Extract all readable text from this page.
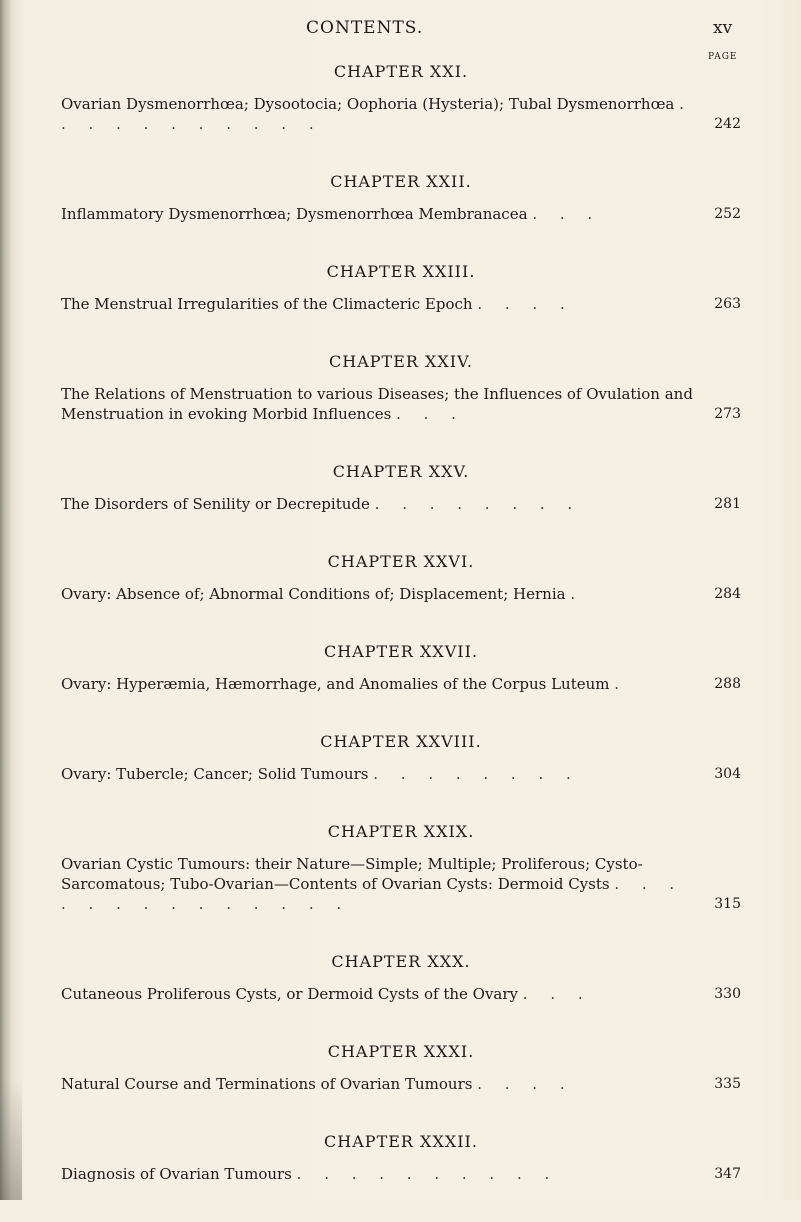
CONTENTS.	xv
PAGE
CHAPTER XXI.
Ovarian Dysmenorrhœa; Dysootocia; Oophoria (Hysteria); Tubal Dysmenorrhœa . . . . . . . . . . .	242
CHAPTER XXII.
Inflammatory Dysmenorrhœa; Dysmenorrhœa Membranacea . . .	252
CHAPTER XXIII.
The Menstrual Irregularities of the Climacteric Epoch . . . .	263
CHAPTER XXIV.
The Relations of Menstruation to various Diseases; the Influences of Ovulation and Menstruation in evoking Morbid Influences . . .	273
CHAPTER XXV.
The Disorders of Senility or Decrepitude . . . . . . . .	281
CHAPTER XXVI.
Ovary: Absence of; Abnormal Conditions of; Displacement; Hernia .	284
CHAPTER XXVII.
Ovary: Hyperæmia, Hæmorrhage, and Anomalies of the Corpus Luteum .	288
CHAPTER XXVIII.
Ovary: Tubercle; Cancer; Solid Tumours . . . . . . . .	304
CHAPTER XXIX.
Ovarian Cystic Tumours: their Nature—Simple; Multiple; Proliferous; Cysto-Sarcomatous; Tubo-Ovarian—Contents of Ovarian Cysts: Dermoid Cysts . . . . . . . . . . . . . .	315
CHAPTER XXX.
Cutaneous Proliferous Cysts, or Dermoid Cysts of the Ovary . . .	330
CHAPTER XXXI.
Natural Course and Terminations of Ovarian Tumours . . . .	335
CHAPTER XXXII.
Diagnosis of Ovarian Tumours . . . . . . . . . .	347
